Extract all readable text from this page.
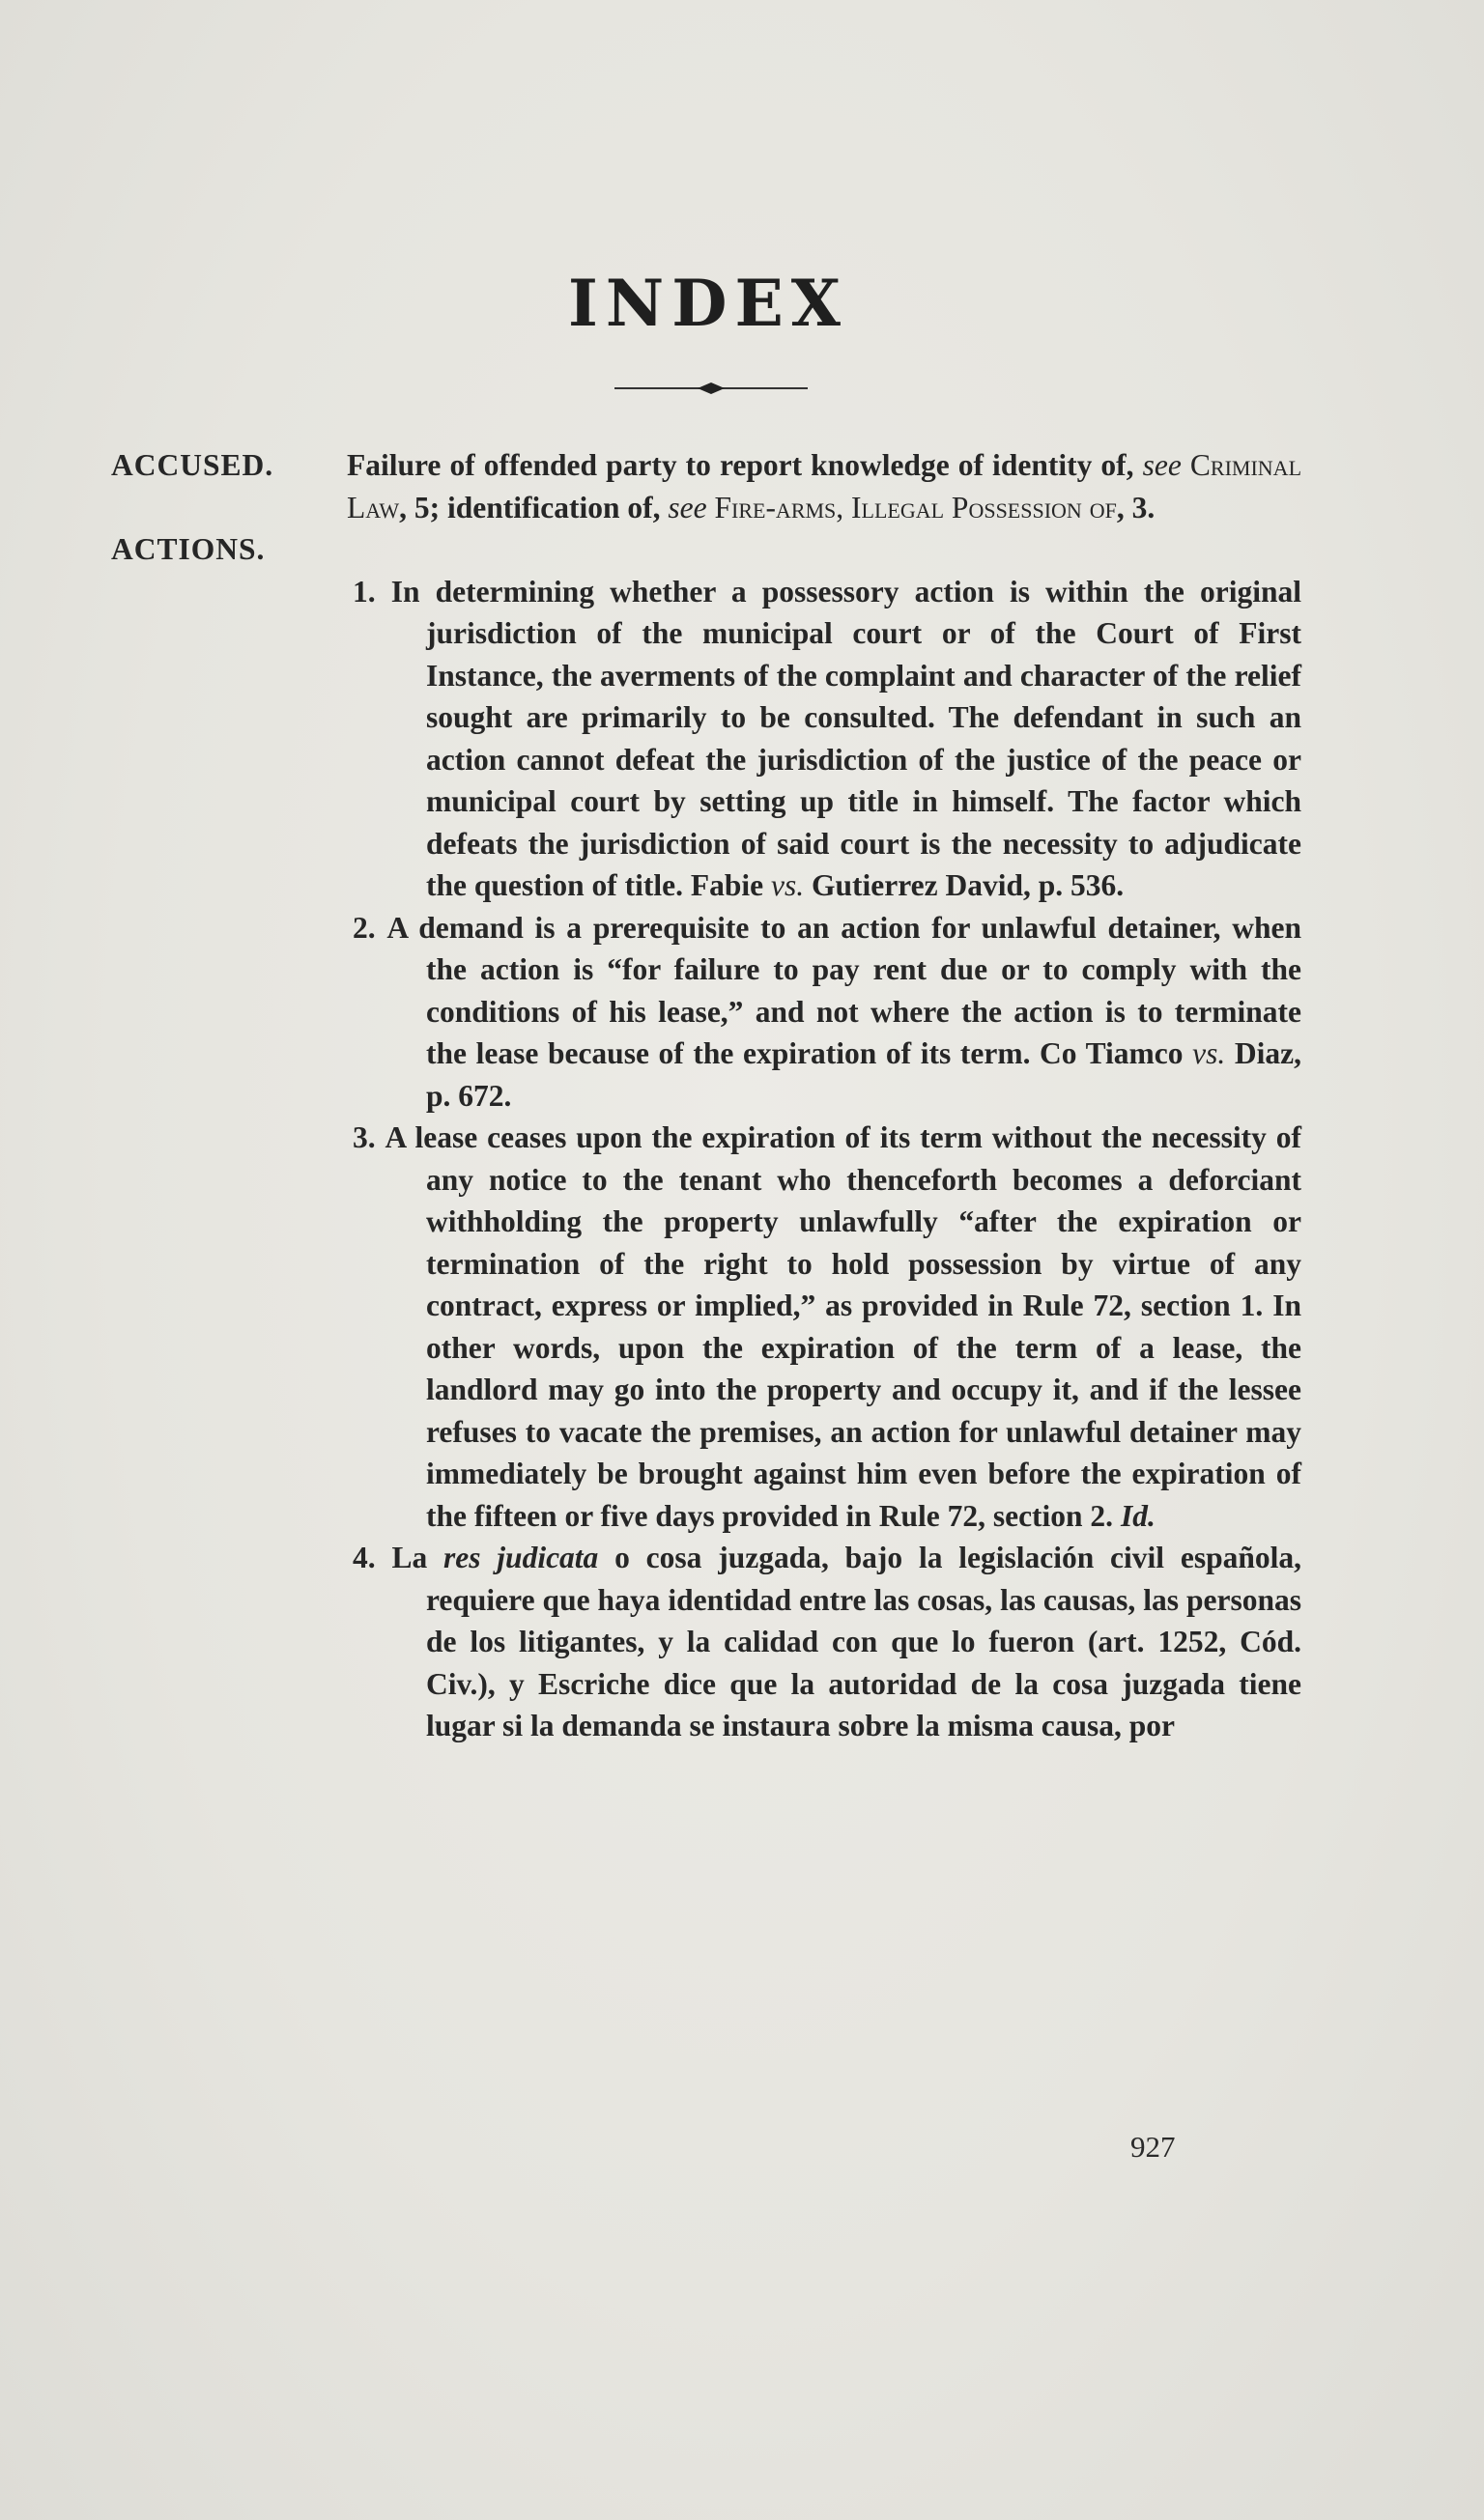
INDEX
ACCUSED.	Failure of offended party to report knowledge of identity of, see Criminal Law, 5; identification of, see Fire-arms, Illegal Possession of, 3.
ACTIONS.

1. In determining whether a possessory action is within the original jurisdiction of the municipal court or of the Court of First Instance, the averments of the complaint and character of the relief sought are primarily to be consulted. The defendant in such an action cannot defeat the jurisdiction of the justice of the peace or municipal court by setting up title in himself. The factor which defeats the jurisdiction of said court is the necessity to adjudicate the question of title. Fabie vs. Gutierrez David, p. 536.

2. A demand is a prerequisite to an action for unlawful detainer, when the action is “for failure to pay rent due or to comply with the conditions of his lease,” and not where the action is to terminate the lease because of the expiration of its term. Co Tiamco vs. Diaz, p. 672.

3. A lease ceases upon the expiration of its term without the necessity of any notice to the tenant who thenceforth becomes a deforciant withholding the property unlawfully “after the expiration or termination of the right to hold possession by virtue of any contract, express or implied,” as provided in Rule 72, section 1. In other words, upon the expiration of the term of a lease, the landlord may go into the property and occupy it, and if the lessee refuses to vacate the premises, an action for unlawful detainer may immediately be brought against him even before the expiration of the fifteen or five days provided in Rule 72, section 2. Id.

4. La res judicata o cosa juzgada, bajo la legislación civil española, requiere que haya identidad entre las cosas, las causas, las personas de los litigantes, y la calidad con que lo fueron (art. 1252, Cód. Civ.), y Escriche dice que la autoridad de la cosa juzgada tiene lugar si la demanda se instaura sobre la misma causa, por

927
